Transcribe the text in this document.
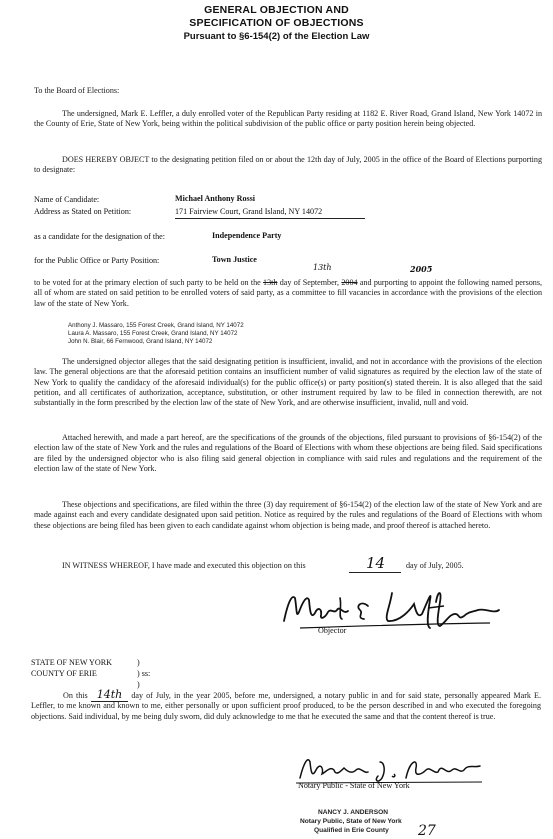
GENERAL OBJECTION AND
SPECIFICATION OF OBJECTIONS
Pursuant to §6-154(2) of the Election Law
To the Board of Elections:
The undersigned, Mark E. Leffler, a duly enrolled voter of the Republican Party residing at 1182 E. River Road, Grand Island, New York 14072 in the County of Erie, State of New York, being within the political subdivision of the public office or party position herein being objected.
DOES HEREBY OBJECT to the designating petition filed on or about the 12th day of July, 2005 in the office of the Board of Elections purporting to designate:
Name of Candidate:	Michael Anthony Rossi
Address as Stated on Petition:	171 Fairview Court, Grand Island, NY 14072
as a candidate for the designation of the:	Independence Party
for the Public Office or Party Position:	Town Justice
13th	2005
to be voted for at the primary election of such party to be held on the 13th day of September, 2004 and purporting to appoint the following named persons, all of whom are stated on said petition to be enrolled voters of said party, as a committee to fill vacancies in accordance with the provisions of the election law of the state of New York.
Anthony J. Massaro, 155 Forest Creek, Grand Island, NY 14072
Laura A. Massaro, 155 Forest Creek, Grand Island, NY 14072
John N. Blair, 66 Fernwood, Grand Island, NY 14072
The undersigned objector alleges that the said designating petition is insufficient, invalid, and not in accordance with the provisions of the election law. The general objections are that the aforesaid petition contains an insufficient number of valid signatures as required by the election law of the state of New York to qualify the candidacy of the aforesaid individual(s) for the public office(s) or party position(s) stated therein. It is also alleged that the said petition, and all certificates of authorization, acceptance, substitution, or other instrument required by law to be filed in connection therewith, are not substantially in the form prescribed by the election law of the state of New York, and are otherwise insufficient, invalid, null and void.
Attached herewith, and made a part hereof, are the specifications of the grounds of the objections, filed pursuant to provisions of §6-154(2) of the election law of the state of New York and the rules and regulations of the Board of Elections with whom these objections are being filed. Said specifications are filed by the undersigned objector who is also filing said general objection in compliance with said rules and regulations and the requirement of the election law of the state of New York.
These objections and specifications, are filed within the three (3) day requirement of §6-154(2) of the election law of the state of New York and are made against each and every candidate designated upon said petition. Notice as required by the rules and regulations of the Board of Elections with whom these objections are being filed has been given to each candidate against whom objection is being made, and proof thereof is attached hereto.
IN WITNESS WHEREOF, I have made and executed this objection on this	14	day of July, 2005.
Objector
STATE OF NEW YORK
COUNTY OF ERIE
)
) ss:
)
On this 14th day of July, in the year 2005, before me, undersigned, a notary public in and for said state, personally appeared Mark E. Leffler, to me known and known to me, either personally or upon sufficient proof produced, to be the person described in and who executed the foregoing objections. Said individual, by me being duly sworn, did duly acknowledge to me that he executed the same and that the content thereof is true.
Notary Public - State of New York
NANCY J. ANDERSON
Notary Public, State of New York
Qualified in Erie County 27
